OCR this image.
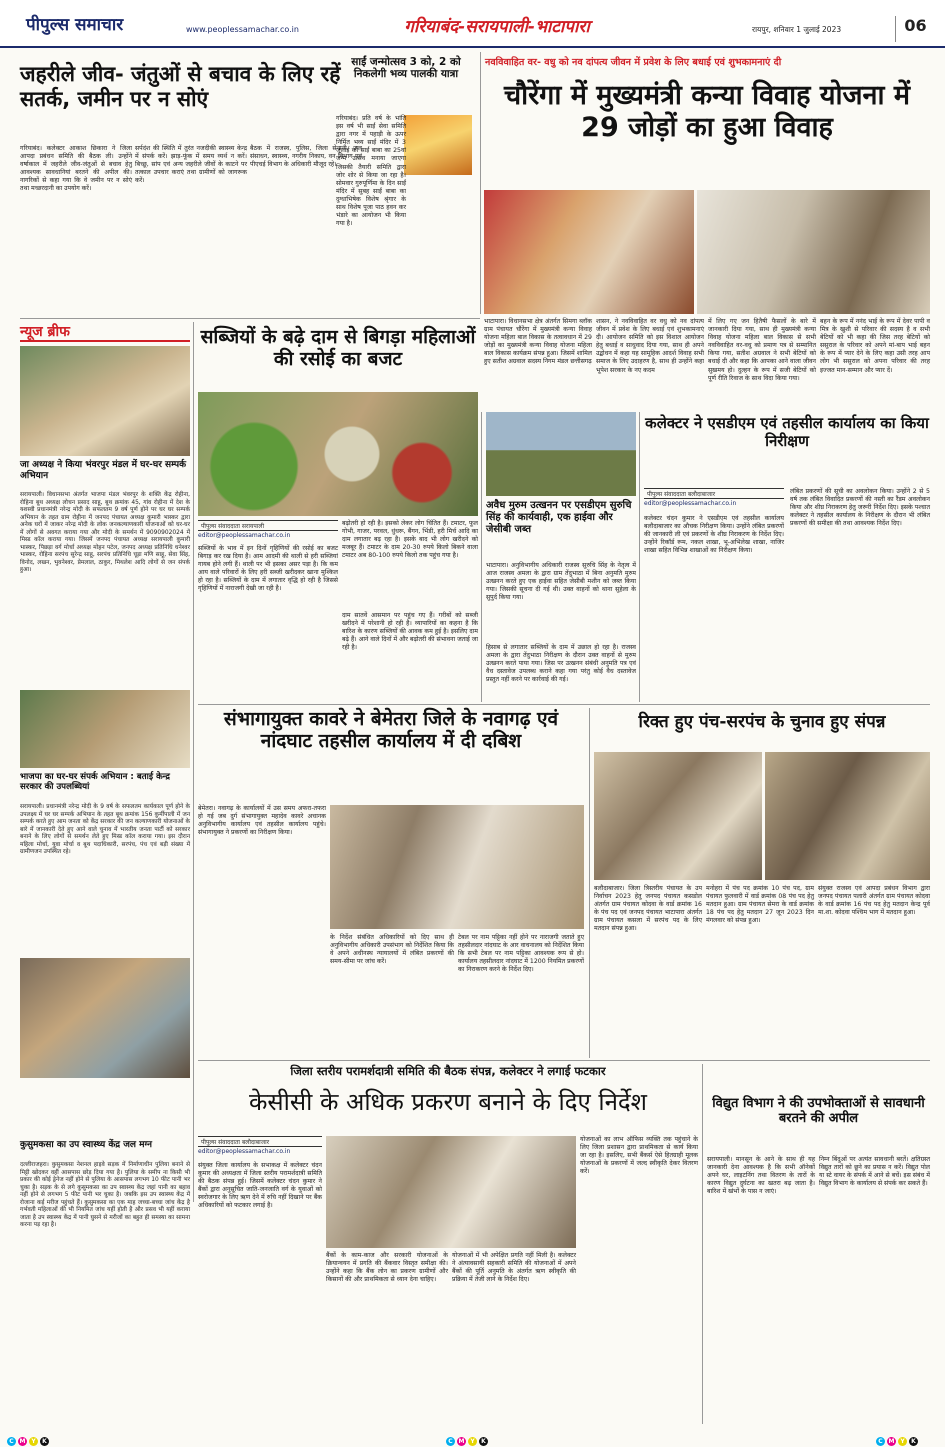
पीपुल्स समाचार	www.peoplessamachar.co.in	गरियाबंद-सरायपाली-भाटापारा	रायपुर, शनिवार 1 जुलाई 2023	06
जहरीले जीव- जंतुओं से बचाव के लिए रहें सतर्क, जमीन पर न सोएं
गरियाबंद। कलेक्टर आकाश छिकारा ने जिला आपदा प्रबंधन समिति की बैठक ली। उन्होंने वर्षाकाल में जहरीले जीव-जंतुओं से बचाव हेतु आवश्यक सावधानियां बरतने की अपील की। नागरिकों से कहा गया कि वे जमीन पर न सोएं तथा मच्छरदानी का उपयोग करें।
सर्पदंश की स्थिति में तुरंत नजदीकी स्वास्थ्य केन्द्र में संपर्क करें। झाड़-फूंक में समय व्यर्थ न करें। बिच्छू, सांप एवं अन्य जहरीले जीवों के काटने पर तत्काल उपचार कराएं तथा ग्रामीणों को जागरूक करें।
बैठक में राजस्व, पुलिस, जिला सेनानी, जल संसाधन, स्वास्थ्य, नगरीय निकाय, वन विभाग एवं पीएचई विभाग के अधिकारी मौजूद रहे।
साईं जन्मोत्सव 3 को, 2 को निकलेगी भव्य पालकी यात्रा
गरियाबंद। प्रति वर्ष के भांति इस वर्ष भी साईं सेवा समिति द्वारा नगर में पहाड़ी के ऊपर निर्मित भव्य साईं मंदिर में 3 जुलाई को साईं बाबा का 25वां जन्म उत्सव मनाया जाएगा जिसकी तैयारी समिति द्वारा जोर शोर से किया जा रहा है। सोमवार गुरुपूर्णिमा के दिन साईं मंदिर में सुबह साईं बाबा का दुग्धाभिषेक विशेष श्रृंगार के साथ विशेष पूजा पाठ हवन कर भंडारे का आयोजन भी किया गया है।
नवविवाहित वर- वधु को नव दांपत्य जीवन में प्रवेश के लिए बधाई एवं शुभकामनाएं दी
चौरेंगा में मुख्यमंत्री कन्या विवाह योजना में 29 जोड़ों का हुआ विवाह
भाटापारा। विधानसभा क्षेत्र अंतर्गत सिमगा ब्लॉक ग्राम पंचायत चौरेंगा में मुख्यमंत्री कन्या विवाह योजना महिला बाल विकास के तत्वावधान में 29 जोड़ों का मुख्यमंत्री कन्या विवाह योजना महिला बाल विकास कार्यक्रम संपन्न हुआ। जिसमें शामिल हुए सतीश अग्रवाल सदस्य निगम मंडल छत्तीसगढ़
शासन, ने नवविवाहित वर वधु को नव दांपत्य जीवन में प्रवेश के लिए बधाई एवं शुभकामनाएं दी। आयोजन समिति को इस विशाल आयोजन हेतु बधाई व साधुवाद दिया गया, साथ ही अपने उद्बोधन में कहा यह सामूहिक आदर्श विवाह सभी समाज के लिए उदाहरण है, साथ ही उन्होंने कहा भूपेश सरकार के नए कदम
में लिए गए जन हितैषी फैसलों के बारे में जानकारी दिया गया, साथ ही मुख्यमंत्री कन्या विवाह योजना महिला बाल विकास से सभी नवविवाहित वर-वधु को प्रमाण पत्र से सम्मानित किया गया, सतीश अग्रवाल ने सभी बेटियों को बधाई दी और कहा कि आपका आने वाला जीवन सुखमय हो। दुल्हन के रूप में सजी बेटियों को पूर्ण रीति रिवाज के साथ विदा किया गया।
बहन के रूप में ननंद भाई के रूप में देवर पापी व मित्र के खुशी से परिवार की सदस्य है व सभी बेटियों को भी कहा की जिस तरह बेटियों को ससुराल के परिवार को अपने मां-बाप भाई बहन के रूप में प्यार देने के लिए कहा उसी तरह आप लोग भी ससुराल को अपना परिवार की तरह इज्जत मान-सम्मान और प्यार दें।
न्यूज ब्रीफ
जा अध्यक्ष ने किया भंवरपुर मंडल में घर-घर सम्पर्क अभियान
सरायपाली। विधानसभा अंतर्गत भाजपा मंडल भंवरपुर के शक्ति केंद्र रोहीना, रोहिना बूथ अध्यक्ष लोचन प्रसाद साहू, बूथ क्रमांक 45, गांव रोहीना में देश के यशस्वी प्रधानमंत्री नरेन्द्र मोदी के सफलतम 9 वर्ष पूर्ण होने पर घर घर सम्पर्क अभियान के तहत ग्राम रोहीना में जनपद पंचायत अध्यक्ष कुमारी भास्कर द्वारा अनेक घरों में जाकर नरेन्द्र मोदी के लोक जनकल्याणकारी योजनाओं को घर-घर में लोगों से अवगत कराया गया और मोदी के समर्थन में 9090902024 में मिस्ड कॉल कराया गया। जिसमें जनपद पंचायत अध्यक्ष सरायपाली कुमारी भास्कर, पिछड़ा वर्ग मोर्चा अध्यक्ष मोहन पटेल, जनपद अध्यक्ष प्रतिनिधि धनेश्वर भास्कर, रोहिना सरपंच सुरेन्द्र साहू, सरपंच प्रतिनिधि चूड़ा मणि साहू, सेवा सिंह, विनोद, लखन, भुवनेश्वर, प्रेमलाल, ठाकुर, मिथलेश आदि लोगों से जन संपर्क हुआ।
भाजपा का घर-घर संपर्क अभियान : बताई केन्द्र सरकार की उपलब्धियां
सरायपाली। प्रधानमंत्री नरेन्द्र मोदी के 9 वर्ष के सफलतम कार्यकाल पूर्ण होने के उपलक्ष्य में घर घर सम्पर्क अभियान के तहत बूथ क्रमांक 156 कुर्मीपाली में जन सम्पर्क करते हुए आम जनता को केंद्र सरकार की जन कल्याणकारी योजनाओं के बारे में जानकारी देते हुए आने वाले चुनाव में भारतीय जनता पार्टी को सरकार बनाने के लिए लोगों से समर्थन लेते हुए मिस्ड कॉल कराया गया। इस दौरान महिला मोर्चा, युवा मोर्चा व बूथ पदाधिकारी, सरपंच, पंच एवं बड़ी संख्या में ग्रामीणजन उपस्थित रहे।
सब्जियों के बढ़े दाम से बिगड़ा महिलाओं की रसोई का बजट
पीपुल्स संवाददाता सरायपाली
editor@peoplessamachar.co.in
सब्जियों के भाव में इन दिनों गृहिणियों की रसोई का बजट बिगाड़ कर रख दिया है। आम आदमी की थाली से हरी सब्जियां गायब होने लगी हैं। थाली पर भी इसका असर पड़ा है। कि कम आय वाले परिवारों के लिए हरी सब्जी खरीदकर खाना मुश्किल हो रहा है। सब्जियों के दाम में लगातार वृद्धि हो रही है जिससे गृहिणियों में नाराजगी देखी जा रही है।
बढ़ोतरी हो रही है। इसको लेकर लोग चिंतित हैं। टमाटर, फूल गोभी, गाजर, परवल, धुंधरू, बैंगन, भिंडी, हरी मिर्च आदि का दाम लगातार बढ़ रहा है। इसके बाद भी लोग खरीदने को मजबूर हैं। टमाटर के दाम 20-30 रुपये किलो बिकने वाला टमाटर अब 80-100 रुपये किलो तक पहुंच गया है।
दाम सातवें आसमान पर पहुंच गए हैं। गरीबों को सब्जी खरीदने में परेशानी हो रही है। व्यापारियों का कहना है कि बारिश के कारण सब्जियों की आवक कम हुई है। इसलिए दाम बढ़े हैं। आने वाले दिनों में और बढ़ोतरी की संभावना जताई जा रही है।
अवैध मुरुम उत्खनन पर एसडीएम सुरुचि सिंह की कार्यवाही, एक हाईवा और जेसीबी जब्त
भाटापारा। अनुविभागीय अधिकारी राजस्व सुरुचि सिंह के नेतृत्व में आज राजस्व अमला के द्वारा ग्राम तेंदुभाठा में बिना अनुमति मुरुम उत्खनन करते हुए एक हाईवा सहित जेसीबी मशीन को जब्त किया गया। जिसकी सूचना दी गई थी। उक्त वाहनों को थाना सुहेला के सुपुर्द किया गया।
हिसाब से लगातार सब्जियों के दाम में उछाल हो रहा है। राजस्व अमला के द्वारा तेंदुभाठा निरीक्षण के दौरान उक्त वाहनों से मुरुम उत्खनन करते पाया गया। जिस पर उत्खनन संबंधी अनुमति पत्र एवं वैध दस्तावेज उपलब्ध कराने कहा गया परंतु कोई वैध दस्तावेज प्रस्तुत नहीं करने पर कार्रवाई की गई।
कलेक्टर ने एसडीएम एवं तहसील कार्यालय का किया निरीक्षण
पीपुल्स संवाददाता बलौदाबाजार
editor@peoplessamachar.co.in
कलेक्टर चंदन कुमार ने एसडीएम एवं तहसील कार्यालय बलौदाबाजार का औचक निरीक्षण किया। उन्होंने लंबित प्रकरणों की जानकारी ली एवं प्रकरणों के शीघ्र निराकरण के निर्देश दिए। उन्होंने रिकॉर्ड रूम, नकल शाखा, भू-अभिलेख शाखा, नाजिर शाखा सहित विभिन्न शाखाओं का निरीक्षण किया।
लंबित प्रकरणों की सूची का अवलोकन किया। उन्होंने 2 से 5 वर्ष तक लंबित विवादित प्रकरणों की नस्ती का रैंडम अवलोकन किया और शीघ्र निराकरण हेतु जरूरी निर्देश दिए। इसके पश्चात कलेक्टर ने तहसील कार्यालय के निरीक्षण के दौरान भी लंबित प्रकरणों की समीक्षा की तथा आवश्यक निर्देश दिए।
संभागायुक्त कावरे ने बेमेतरा जिले के नवागढ़ एवं नांदघाट तहसील कार्यालय में दी दबिश
बेमेतरा। नवागढ़ के कार्यालयों में उस समय अफरा-तफरा हो गई जब दुर्ग संभागायुक्त महादेव कावरे अचानक अनुविभागीय कार्यालय एवं तहसील कार्यालय पहुंचे। संभागायुक्त ने प्रकरणों का निरीक्षण किया।
के निर्देश संबंधित अधिकारियों को दिए साथ ही अनुविभागीय अधिकारी उपसंभाग को निर्देशित किया कि वे अपने अधीनस्थ न्यायालयों में लंबित प्रकरणों की समय-सीमा पर जांच करें।
टेबल पर नाम पट्टिका नहीं होने पर नाराजगी जताते हुए तहसीलदार नांदघाट के आर वाचनालय को निर्देशित किया कि सभी टेबल पर नाम पट्टिका आवश्यक रूप से हो। कार्यालय तहसीलदार नांदघाट में 1200 नियमित प्रकरणों का निराकरण करने के निर्देश दिए।
रिक्त हुए पंच-सरपंच के चुनाव हुए संपन्न
बलौदाबाजार। जिला त्रिस्तरीय पंचायत के उप निर्वाचन 2023 हेतु जनपद पंचायत कसडोल अंतर्गत ग्राम पंचायत कोदवा के वार्ड क्रमांक 16 के पंच पद एवं जनपद पंचायत भाटापारा अंतर्गत ग्राम पंचायत कसला में सरपंच पद के लिए मतदान संपन्न हुआ।
मनोहरा में पंच पद क्रमांक 10 पंच पद, ग्राम पंचायत फुलवारी में वार्ड क्रमांक 08 पंच पद हेतु मतदान हुआ। ग्राम पंचायत सेमरा के वार्ड क्रमांक 18 पंच पद हेतु मतदान 27 जून 2023 दिन मंगलवार को संपन्न हुआ।
संयुक्त राजस्व एवं आपदा प्रबंधन विभाग द्वारा जनपद पंचायत पलारी अंतर्गत ग्राम पंचायत कोदवा के वार्ड क्रमांक 16 पंच पद हेतु मतदान केन्द्र पूर्व मा.शा. कोदवा पश्चिम भाग में मतदान हुआ।
जिला स्तरीय परामर्शदात्री समिति की बैठक संपन्न, कलेक्टर ने लगाई फटकार
केसीसी के अधिक प्रकरण बनाने के दिए निर्देश
पीपुल्स संवाददाता बलौदाबाजार
editor@peoplessamachar.co.in
संयुक्त जिला कार्यालय के सभाकक्ष में कलेक्टर चंदन कुमार की अध्यक्षता में जिला स्तरीय परामर्शदात्री समिति की बैठक संपन्न हुई। जिसमें कलेक्टर चंदन कुमार ने बैंकों द्वारा अनुसूचित जाति-जनजाति वर्ग के युवाओं को स्वरोजगार के लिए ऋण देने में रुचि नहीं दिखाने पर बैंक अधिकारियों को फटकार लगाई है।
बैंकों के काम-काज और सरकारी योजनाओं के क्रियान्वयन में प्रगति की बैंकवार विस्तृत समीक्षा की। उन्होंने कहा कि बैंक लोन का प्रकरण ग्रामीणों और किसानों की और प्राथमिकता से ध्यान देना चाहिए।
योजनाओं में भी अपेक्षित प्रगति नहीं मिली है। कलेक्टर ने अंत्यावसायी सहकारी समिति की योजनाओं में अपने बैंकों की पूर्ति अनुमति के अंतर्गत ऋण स्वीकृति की प्रक्रिया में तेजी लाने के निर्देश दिए।
योजनाओं का लाभ ऑफिस व्यक्ति तक पहुंचाने के लिए जिला प्रशासन द्वारा प्राथमिकता से कार्य किया जा रहा है। इसलिए, सभी बैंकर्स ऐसे हितग्राही मूलक योजनाओं के प्रकरणों में जल्द स्वीकृति देकर वितरण करें।
विद्युत विभाग ने की उपभोक्ताओं से सावधानी बरतने की अपील
सरायपाली। मानसून के आने के साथ ही यह जानकारी देना आवश्यक है कि सभी ऑनेकों अपने घर, लाइटनिंग तथा वितरण के तारों के कारण विद्युत दुर्घटना का खतरा बढ़ जाता है। बारिश में खंभों के पास न जाएं।
निम्न बिंदुओं पर अत्यंत सावधानी बरतें। क्षतिग्रस्त विद्युत तारों को छूने का प्रयास न करें। विद्युत पोल या स्टे वायर के संपर्क में आने से बचें। इस संबंध में विद्युत विभाग के कार्यालय से संपर्क कर सकते हैं।
कुसुमकसा का उप स्वास्थ्य केंद्र जल मग्न
दल्लीराजहरा। कुसुमकसा नेशनल हाइवे सड़क में निर्माणाधीन पुलिया बनाने से मिट्टी खोदकर वहीं आसपास छोड़ दिया गया है। पुलिया के समीप ना किसी भी प्रकार की कोई ड्रेनेज नहीं होने से पुलिया के आसपास लगभग 10 फीट पानी भर चुका है। सड़क के से लगे कुसुमकसा का उप स्वास्थ्य केंद्र जहां पानी का बहाव नहीं होने से लगभग 5 फीट पानी भर चुका है। जबकि इस उप स्वास्थ्य केंद्र में रोजाना कई मरीज पहुंचते हैं। कुसुमकसा का एक माह जच्चा-बच्चा जांच केंद्र है गर्भवती महिलाओं की भी नियमित जांच यहीं होती है और प्रसव भी यहीं कराया जाता है उप स्वास्थ्य केंद्र में पानी घुसने से मरीजों का बहुत ही समस्या का सामना करना पड़ रहा है।
C M Y K	C M Y K	C M Y K
